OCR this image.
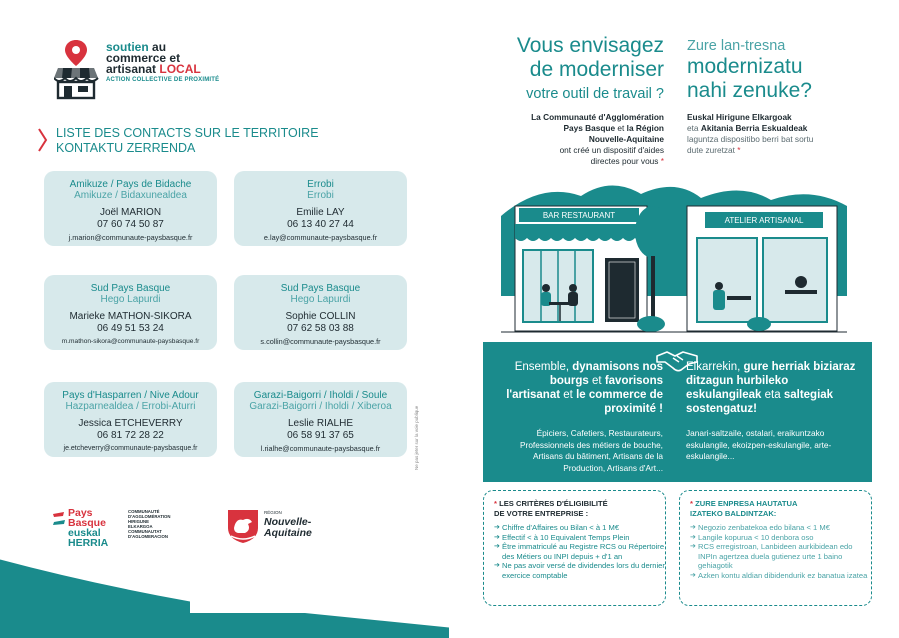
soutien au
commerce et
artisanat LOCAL
ACTION COLLECTIVE DE PROXIMITÉ
LISTE DES CONTACTS SUR LE TERRITOIRE
KONTAKTU ZERRENDA
Amikuze / Pays de Bidache
Amikuze / Bidaxunealdea
Joël MARION
07 60 74 50 87
j.marion@communaute-paysbasque.fr
Errobi
Errobi
Emilie LAY
06 13 40 27 44
e.lay@communaute-paysbasque.fr
Sud Pays Basque
Hego Lapurdi
Marieke MATHON-SIKORA
06 49 51 53 24
m.mathon-sikora@communaute-paysbasque.fr
Sud Pays Basque
Hego Lapurdi
Sophie COLLIN
07 62 58 03 88
s.collin@communaute-paysbasque.fr
Pays d'Hasparren / Nive Adour
Hazparnealdea / Errobi-Aturri
Jessica ETCHEVERRY
06 81 72 28 22
je.etcheverry@communaute-paysbasque.fr
Garazi-Baigorri / Iholdi / Soule
Garazi-Baigorri / Iholdi / Xiberoa
Leslie RIALHE
06 58 91 37 65
l.rialhe@communaute-paysbasque.fr	Ne pas jeter sur la voie publique
Pays
Basque
euskal
HERRIA
COMMUNAUTÉ
D'AGGLOMÉRATION
HIRIGUNE
ELKARGOA
COMMUNAUTAT
D'AGLOMERACION
RÉGION
Nouvelle-
Aquitaine
Vous envisagez
de moderniser
votre outil de travail ?
Zure lan-tresna
modernizatu
nahi zenuke?
La Communauté d'Agglomération
Pays Basque et la Région
Nouvelle-Aquitaine
ont créé un dispositif d'aides
directes pour vous *
Euskal Hirigune Elkargoak
eta Akitania Berria Eskualdeak
laguntza dispositibo berri bat sortu
dute zuretzat *
BAR RESTAURANT
ATELIER ARTISANAL
Ensemble, dynamisons nos bourgs et favorisons l'artisanat et le commerce de proximité !
Épiciers, Cafetiers, Restaurateurs, Professionnels des métiers de bouche, Artisans du bâtiment, Artisans de la Production, Artisans d'Art...
Elkarrekin, gure herriak biziaraz ditzagun hurbileko eskulangileak eta saltegiak sostengatuz!
Janari-saltzaile, ostalari, eraikuntzako eskulangile, ekoizpen-eskulangile, arte-eskulangile...
* LES CRITÈRES D'ÉLIGIBILITÉ
DE VOTRE ENTREPRISE :
➔ Chiffre d'Affaires ou Bilan < à 1 M€
➔ Effectif < à 10 Equivalent Temps Plein
➔ Être immatriculé au Registre RCS ou Répertoire des Métiers ou INPI depuis + d'1 an
➔ Ne pas avoir versé de dividendes lors du dernier exercice comptable
* ZURE ENPRESA HAUTATUA
IZATEKO BALDINTZAK:
➔ Negozio zenbatekoa edo bilana < 1 M€
➔ Langile kopurua < 10 denbora oso
➔ RCS erregistroan, Lanbideen aurkibidean edo INPIn agertzea duela gutienez urte 1 baino gehiagotik
➔ Azken kontu aldian dibidendurik ez banatua izatea
